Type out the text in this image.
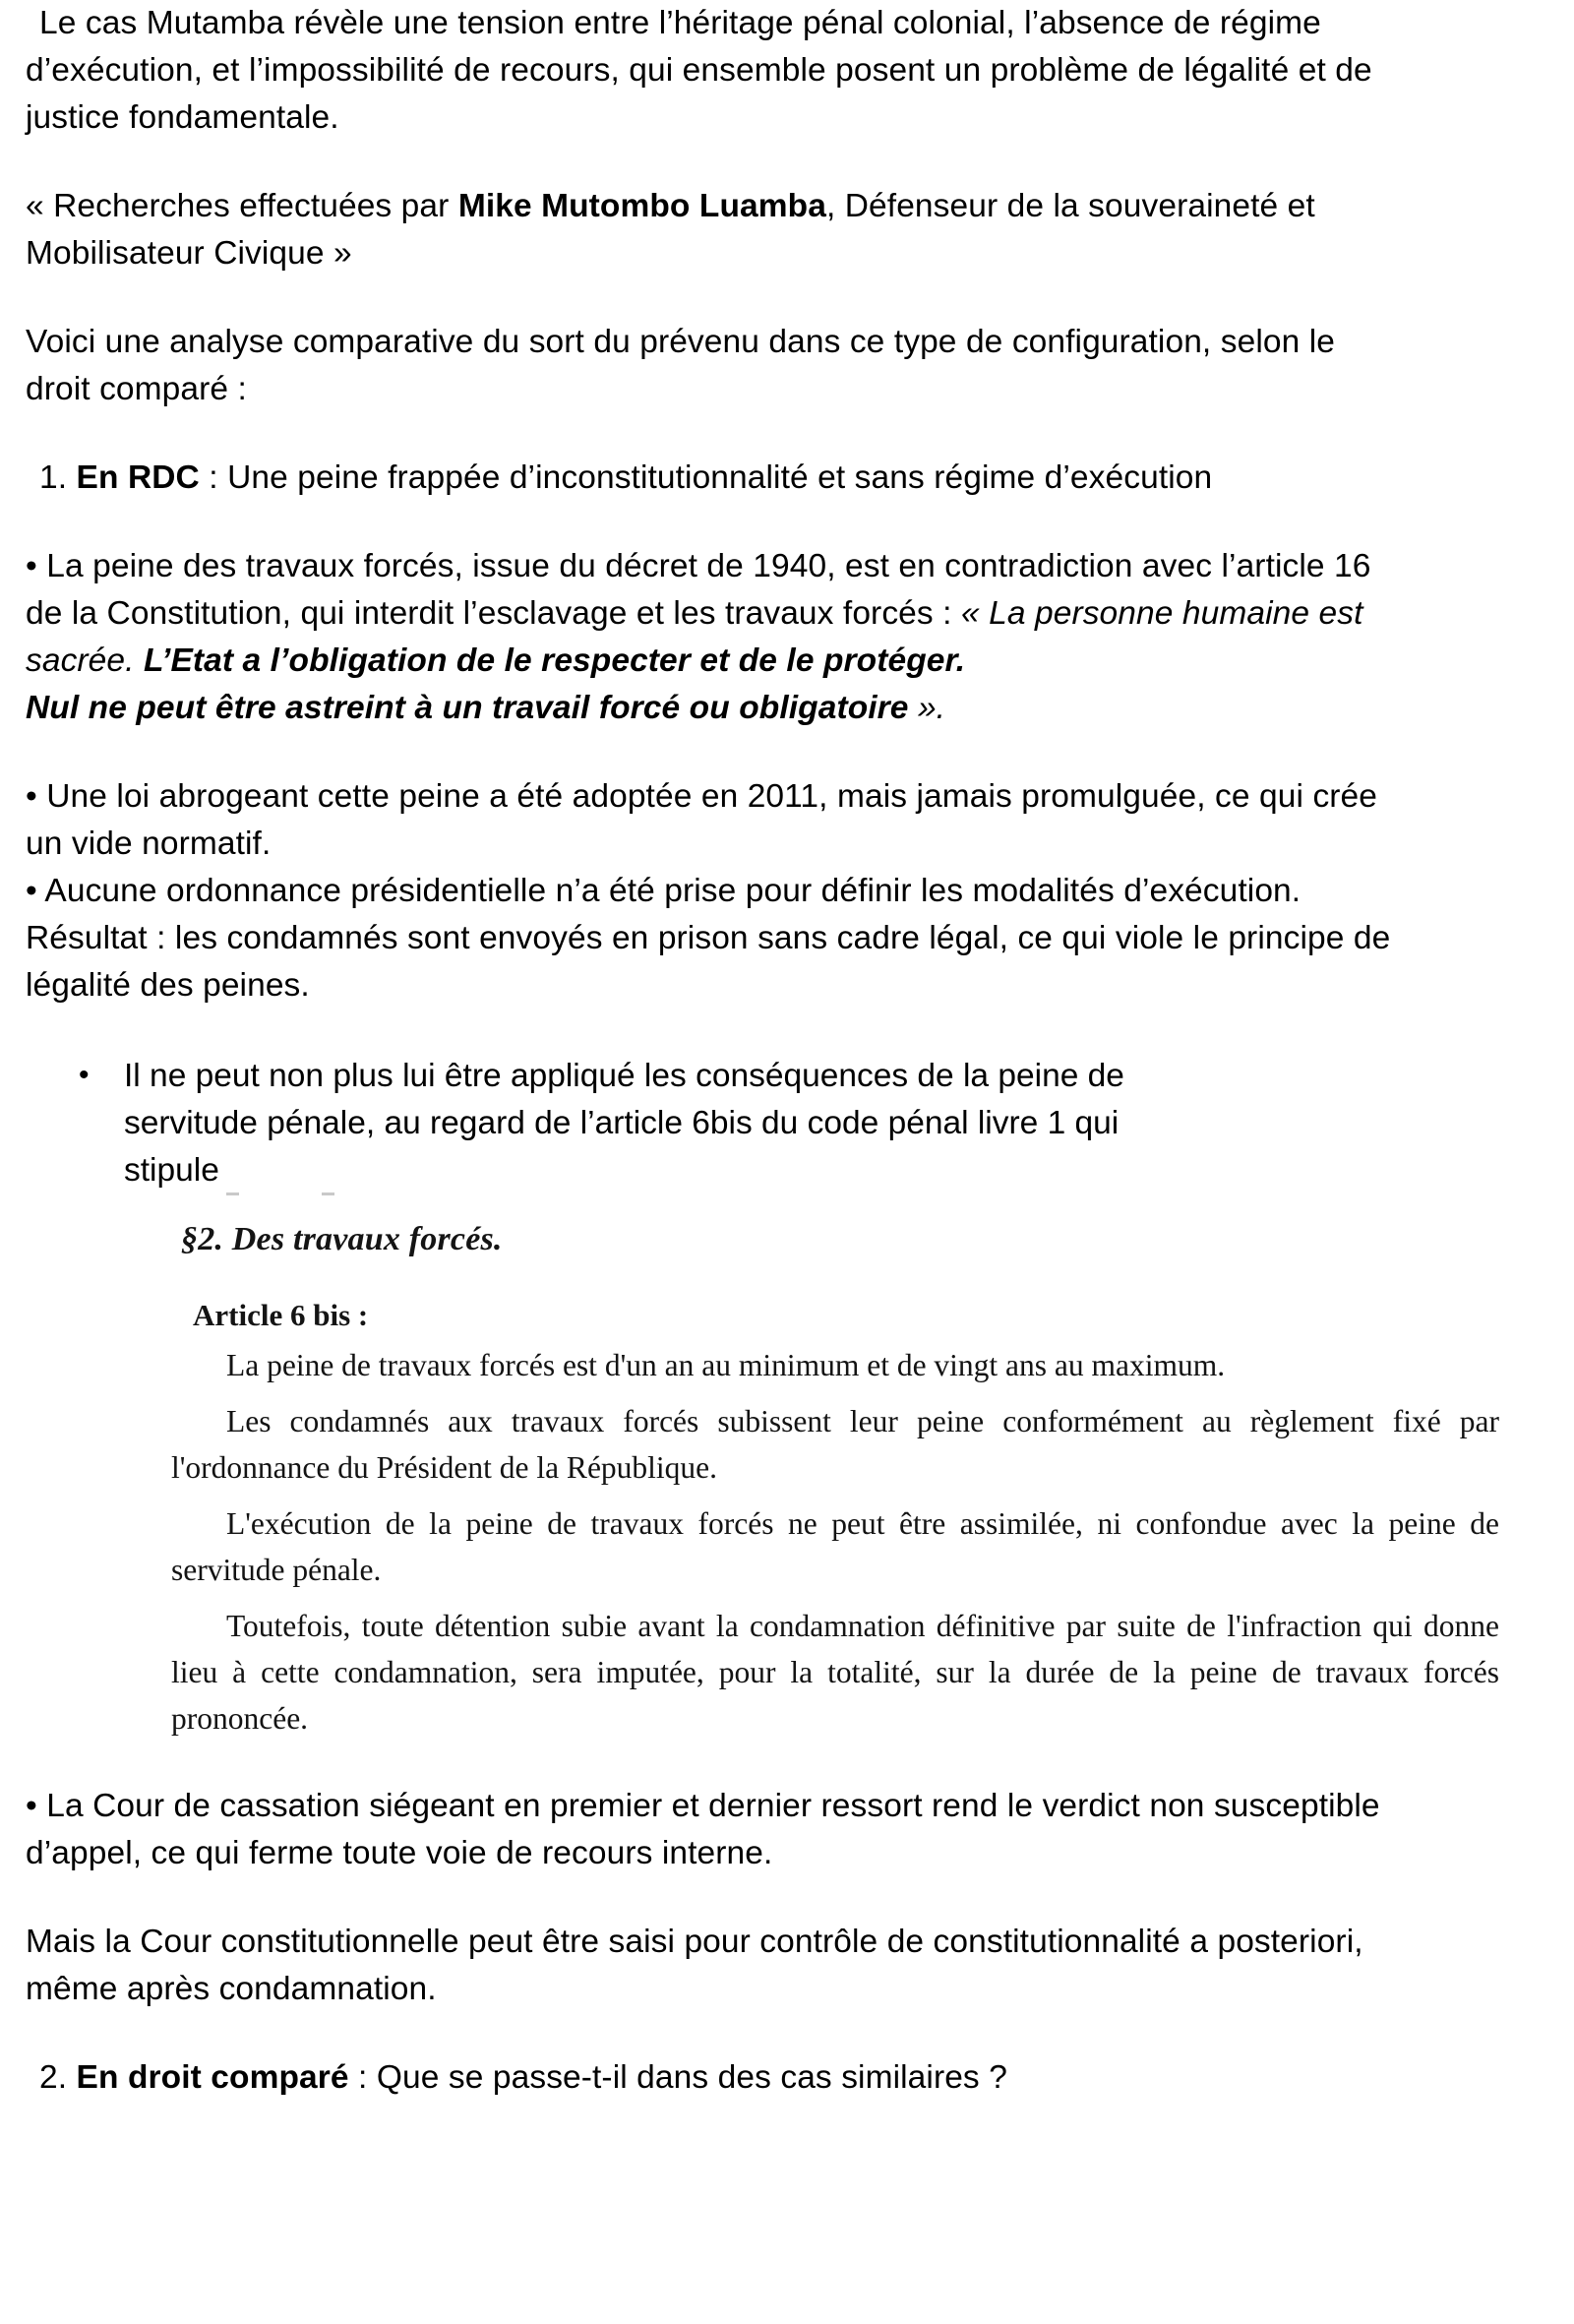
Le cas Mutamba révèle une tension entre l’héritage pénal colonial, l’absence de régime d’exécution, et l’impossibilité de recours, qui ensemble posent un problème de légalité et de justice fondamentale.

« Recherches effectuées par Mike Mutombo Luamba, Défenseur de la souveraineté et Mobilisateur Civique »

Voici une analyse comparative du sort du prévenu dans ce type de configuration, selon le droit comparé :

1. En RDC : Une peine frappée d’inconstitutionnalité et sans régime d’exécution

• La peine des travaux forcés, issue du décret de 1940, est en contradiction avec l’article 16 de la Constitution, qui interdit l’esclavage et les travaux forcés : « La personne humaine est sacrée. L’Etat a l’obligation de le respecter et de le protéger.
Nul ne peut être astreint à un travail forcé ou obligatoire ».

• Une loi abrogeant cette peine a été adoptée en 2011, mais jamais promulguée, ce qui crée un vide normatif.

• Aucune ordonnance présidentielle n’a été prise pour définir les modalités d’exécution. Résultat : les condamnés sont envoyés en prison sans cadre légal, ce qui viole le principe de légalité des peines.

• Il ne peut non plus lui être appliqué les conséquences de la peine de servitude pénale, au regard de l’article 6bis du code pénal livre 1 qui stipule
§2. Des travaux forcés.
Article 6 bis :

La peine de travaux forcés est d'un an au minimum et de vingt ans au maximum.

Les condamnés aux travaux forcés subissent leur peine conformément au règlement fixé par l'ordonnance du Président de la République.

L'exécution de la peine de travaux forcés ne peut être assimilée, ni confondue avec la peine de servitude pénale.

Toutefois, toute détention subie avant la condamnation définitive par suite de l'infraction qui donne lieu à cette condamnation, sera imputée, pour la totalité, sur la durée de la peine de travaux forcés prononcée.

• La Cour de cassation siégeant en premier et dernier ressort rend le verdict non susceptible d’appel, ce qui ferme toute voie de recours interne.

Mais la Cour constitutionnelle peut être saisi pour contrôle de constitutionnalité a posteriori, même après condamnation.

2. En droit comparé : Que se passe-t-il dans des cas similaires ?
